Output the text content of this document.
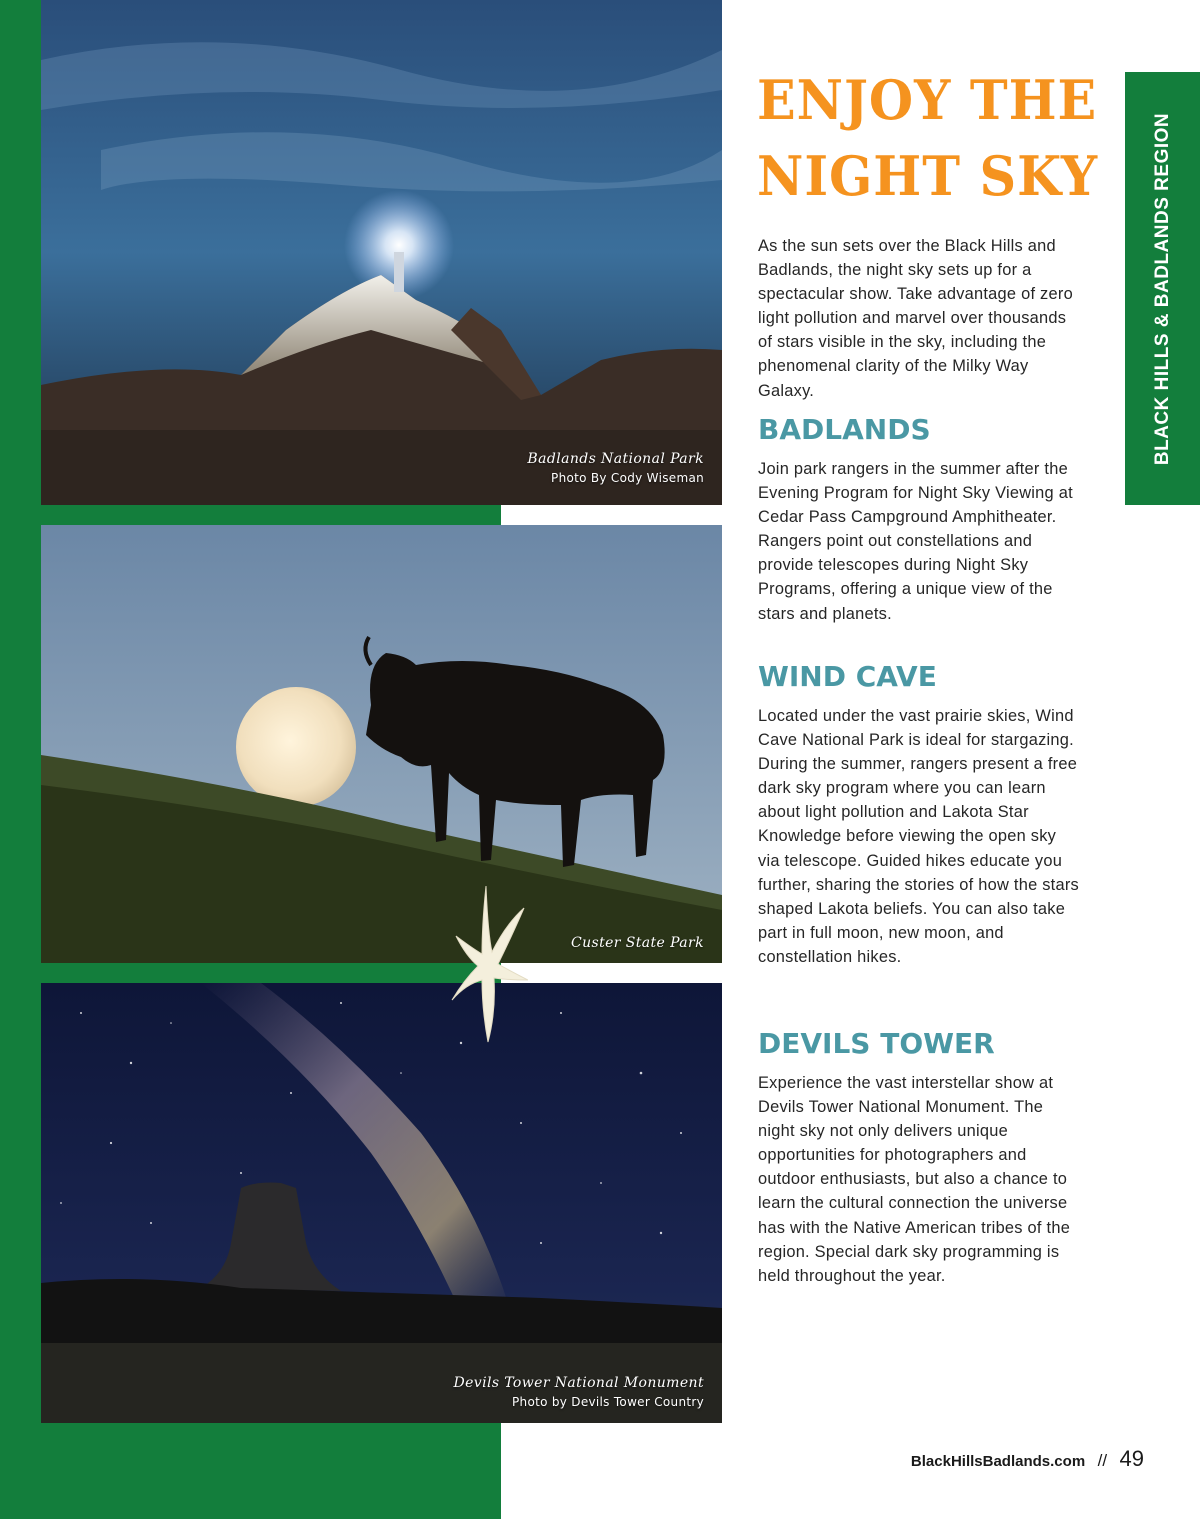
Badlands National Park
Photo By Cody Wiseman
Custer State Park
Devils Tower National Monument
Photo by Devils Tower Country
ENJOY THE
NIGHT SKY

As the sun sets over the Black Hills and Badlands, the night sky sets up for a spectacular show. Take advantage of zero light pollution and marvel over thousands of stars visible in the sky, including the phenomenal clarity of the Milky Way Galaxy.

BADLANDS

Join park rangers in the summer after the Evening Program for Night Sky Viewing at Cedar Pass Campground Amphitheater. Rangers point out constellations and provide telescopes during Night Sky Programs, offering a unique view of the stars and planets.

WIND CAVE

Located under the vast prairie skies, Wind Cave National Park is ideal for stargazing. During the summer, rangers present a free dark sky program where you can learn about light pollution and Lakota Star Knowledge before viewing the open sky via telescope. Guided hikes educate you further, sharing the stories of how the stars shaped Lakota beliefs. You can also take part in full moon, new moon, and constellation hikes.

DEVILS TOWER

Experience the vast interstellar show at Devils Tower National Monument. The night sky not only delivers unique opportunities for photographers and outdoor enthusiasts, but also a chance to learn the cultural connection the universe has with the Native American tribes of the region. Special dark sky programming is held throughout the year.

BLACK HILLS & BADLANDS REGION
BlackHillsBadlands.com // 49
